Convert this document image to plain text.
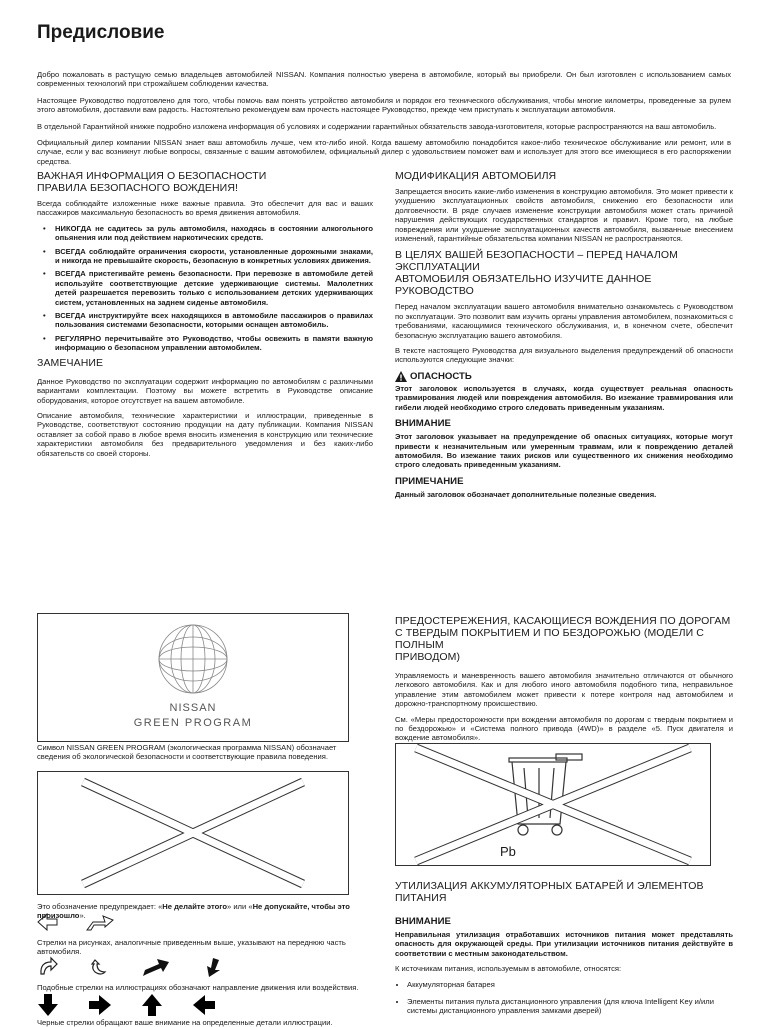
Предисловие

Добро пожаловать в растущую семью владельцев автомобилей NISSAN. Компания полностью уверена в автомобиле, который вы приобрели. Он был изготовлен с использованием самых современных технологий при строжайшем соблюдении качества.

Настоящее Руководство подготовлено для того, чтобы помочь вам понять устройство автомобиля и порядок его технического обслуживания, чтобы многие километры, проведенные за рулем этого автомобиля, доставили вам радость. Настоятельно рекомендуем вам прочесть настоящее Руководство, прежде чем приступать к эксплуатации автомобиля.

В отдельной Гарантийной книжке подробно изложена информация об условиях и содержании гарантийных обязательств завода-изготовителя, которые распространяются на ваш автомобиль.

Официальный дилер компании NISSAN знает ваш автомобиль лучше, чем кто-либо иной. Когда вашему автомобилю понадобится какое-либо техническое обслуживание или ремонт, или в случае, если у вас возникнут любые вопросы, связанные с вашим автомобилем, официальный дилер с удовольствием поможет вам и использует для этого все имеющиеся в его распоряжении средства.

ВАЖНАЯ ИНФОРМАЦИЯ О БЕЗОПАСНОСТИ
ПРАВИЛА БЕЗОПАСНОГО ВОЖДЕНИЯ!

Всегда соблюдайте изложенные ниже важные правила. Это обеспечит для вас и ваших пассажиров максимальную безопасность во время движения автомобиля.

• НИКОГДА не садитесь за руль автомобиля, находясь в состоянии алкогольного опьянения или под действием наркотических средств.
• ВСЕГДА соблюдайте ограничения скорости, установленные дорожными знаками, и никогда не превышайте скорость, безопасную в конкретных условиях движения.
• ВСЕГДА пристегивайте ремень безопасности. При перевозке в автомобиле детей используйте соответствующие детские удерживающие системы. Малолетних детей разрешается перевозить только с использованием детских удерживающих систем, установленных на заднем сиденье автомобиля.
• ВСЕГДА инструктируйте всех находящихся в автомобиле пассажиров о правилах пользования системами безопасности, которыми оснащен автомобиль.
• РЕГУЛЯРНО перечитывайте это Руководство, чтобы освежить в памяти важную информацию о безопасном управлении автомобилем.
ЗАМЕЧАНИЕ

Данное Руководство по эксплуатации содержит информацию по автомобилям с различными вариантами комплектации. Поэтому вы можете встретить в Руководстве описание оборудования, которое отсутствует на вашем автомобиле.

Описание автомобиля, технические характеристики и иллюстрации, приведенные в Руководстве, соответствуют состоянию продукции на дату публикации. Компания NISSAN оставляет за собой право в любое время вносить изменения в конструкцию или технические характеристики автомобиля без предварительного уведомления и без каких-либо обязательств со своей стороны.

МОДИФИКАЦИЯ АВТОМОБИЛЯ

Запрещается вносить какие-либо изменения в конструкцию автомобиля. Это может привести к ухудшению эксплуатационных свойств автомобиля, снижению его безопасности или долговечности. В ряде случаев изменение конструкции автомобиля может стать причиной нарушения действующих государственных стандартов и правил. Кроме того, на любые повреждения или ухудшение эксплуатационных качеств автомобиля, вызванные внесением изменений, гарантийные обязательства компании NISSAN не распространяются.

В ЦЕЛЯХ ВАШЕЙ БЕЗОПАСНОСТИ – ПЕРЕД НАЧАЛОМ ЭКСПЛУАТАЦИИ
АВТОМОБИЛЯ ОБЯЗАТЕЛЬНО ИЗУЧИТЕ ДАННОЕ РУКОВОДСТВО

Перед началом эксплуатации вашего автомобиля внимательно ознакомьтесь с Руководством по эксплуатации. Это позволит вам изучить органы управления автомобилем, познакомиться с требованиями, касающимися технического обслуживания, и, в конечном счете, обеспечит безопасную эксплуатацию вашего автомобиля.

В тексте настоящего Руководства для визуального выделения предупреждений об опасности используются следующие значки:

ОПАСНОСТЬ

Этот заголовок используется в случаях, когда существует реальная опасность травмирования людей или повреждения автомобиля. Во изежание травмирования или гибели людей необходимо строго следовать приведенным указаниям.

ВНИМАНИЕ

Этот заголовок указывает на предупреждение об опасных ситуациях, которые могут привести к незначительным или умеренным травмам, или к повреждению деталей автомобиля. Во изежание таких рисков или существенного их снижения необходимо строго следовать приведенным указаниям.

ПРИМЕЧАНИЕ

Данный заголовок обозначает дополнительные полезные сведения.

NISSAN
GREEN PROGRAM
Символ NISSAN GREEN PROGRAM (экологическая программа NISSAN) обозначает сведения об экологической безопасности и соответствующие правила поведения.
Это обозначение предупреждает: «Не делайте этого» или «Не допускайте, чтобы это произошло».
Стрелки на рисунках, аналогичные приведенным выше, указывают на переднюю часть автомобиля.
Подобные стрелки на иллюстрациях обозначают направление движения или воздействия.
Черные стрелки обращают ваше внимание на определенные детали иллюстрации.
ПРЕДОСТЕРЕЖЕНИЯ, КАСАЮЩИЕСЯ ВОЖДЕНИЯ ПО ДОРОГАМ
С ТВЕРДЫМ ПОКРЫТИЕМ И ПО БЕЗДОРОЖЬЮ (МОДЕЛИ С ПОЛНЫМ
ПРИВОДОМ)

Управляемость и маневренность вашего автомобиля значительно отличаются от обычного легкового автомобиля. Как и для любого иного автомобиля подобного типа, неправильное управление этим автомобилем может привести к потере контроля над автомобилем и дорожно-транспортному происшествию.

См. «Меры предосторожности при вождении автомобиля по дорогам с твердым покрытием и по бездорожью» и «Система полного привода (4WD)» в разделе «5. Пуск двигателя и вождение автомобиля».

Pb
УТИЛИЗАЦИЯ АККУМУЛЯТОРНЫХ БАТАРЕЙ И ЭЛЕМЕНТОВ ПИТАНИЯ
ВНИМАНИЕ

Неправильная утилизация отработавших источников питания может представлять опасность для окружающей среды. При утилизации источников питания действуйте в соответствии с местным законодательством.

К источникам питания, используемым в автомобиле, относятся:

• Аккумуляторная батарея
• Элементы питания пульта дистанционного управления (для ключа Intelligent Key и/или системы дистанционного управления замками дверей)
